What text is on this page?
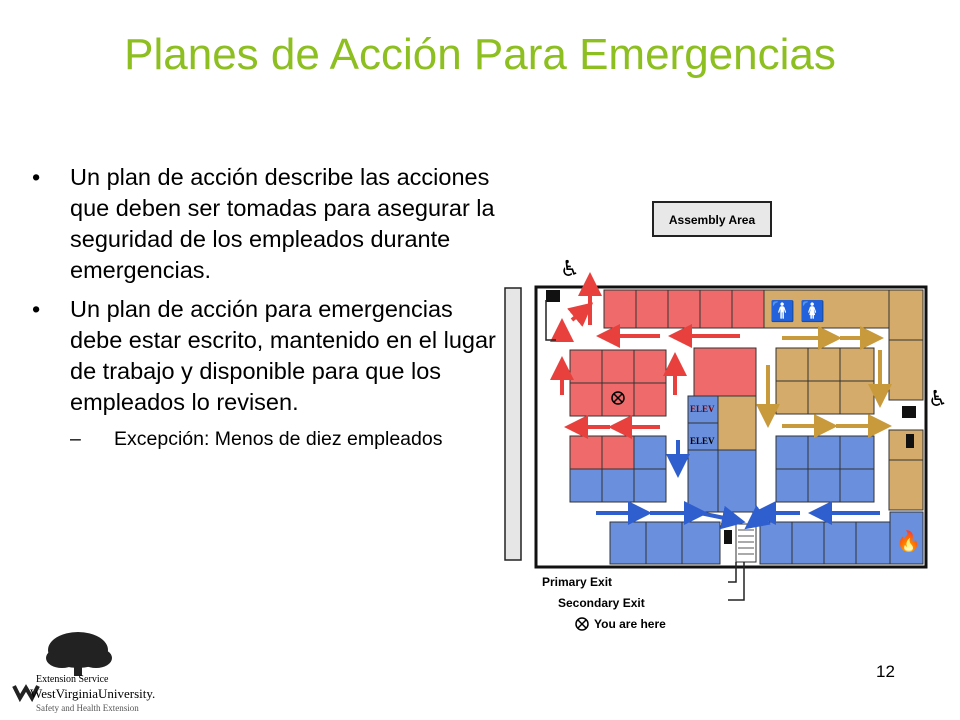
Planes de Acción Para Emergencias
•	Un plan de acción describe las acciones que deben ser tomadas para asegurar la seguridad de los empleados durante emergencias.
•	Un plan de acción para emergencias debe estar escrito, mantenido en el lugar de trabajo y disponible para que los empleados lo revisen.
–	Excepción: Menos de diez empleados
Assembly Area
ELEV
ELEV
♿
♿
🚹 🚺
🔥
Primary Exit
Secondary Exit
You are here
Extension Service
WestVirginiaUniversity.
Safety and Health Extension
12
